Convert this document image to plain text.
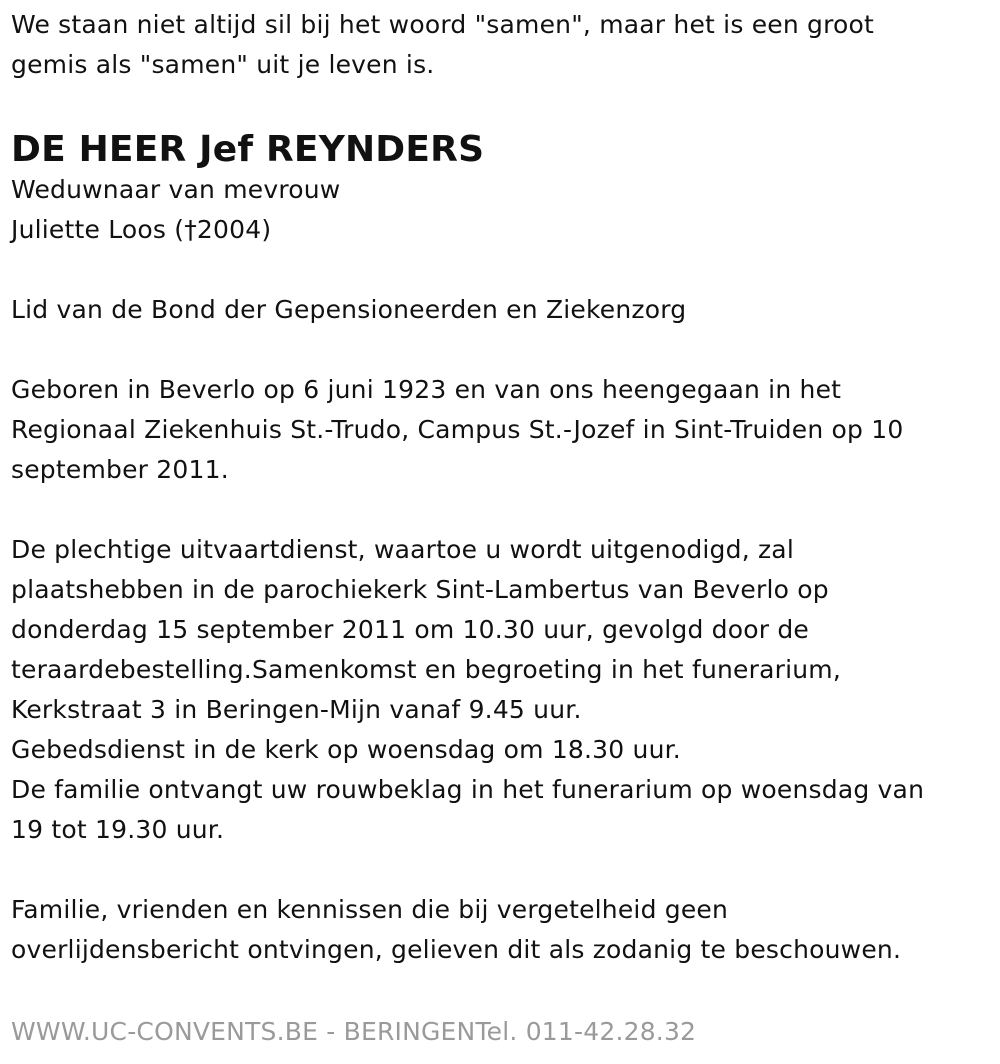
We staan niet altijd sil bij het woord "samen", maar het is een groot
gemis als "samen" uit je leven is.

DE HEER Jef REYNDERS

Weduwnaar van mevrouw
Juliette Loos (†2004)

Lid van de Bond der Gepensioneerden en Ziekenzorg

Geboren in Beverlo op 6 juni 1923 en van ons heengegaan in het
Regionaal Ziekenhuis St.-Trudo, Campus St.-Jozef in Sint-Truiden op 10
september 2011.

De plechtige uitvaartdienst, waartoe u wordt uitgenodigd, zal
plaatshebben in de parochiekerk Sint-Lambertus van Beverlo op
donderdag 15 september 2011 om 10.30 uur, gevolgd door de
teraardebestelling.Samenkomst en begroeting in het funerarium,
Kerkstraat 3 in Beringen-Mijn vanaf 9.45 uur.
Gebedsdienst in de kerk op woensdag om 18.30 uur.
De familie ontvangt uw rouwbeklag in het funerarium op woensdag van
19 tot 19.30 uur.

Familie, vrienden en kennissen die bij vergetelheid geen
overlijdensbericht ontvingen, gelieven dit als zodanig te beschouwen.

WWW.UC-CONVENTS.BE - BERINGENTel. 011-42.28.32
